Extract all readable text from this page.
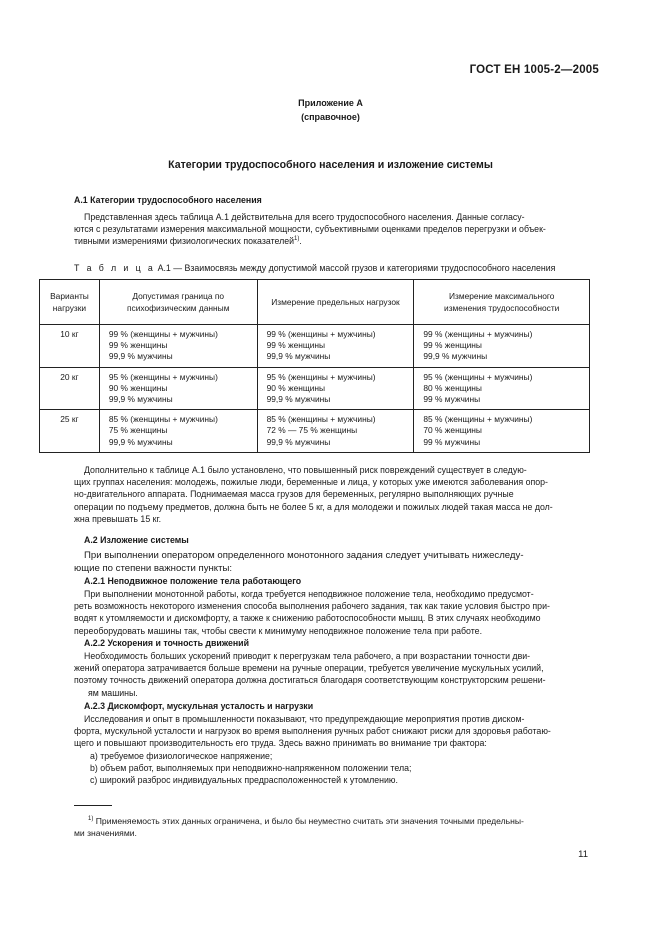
ГОСТ ЕН 1005-2—2005
Приложение А
(справочное)
Категории трудоспособного населения и изложение системы
А.1 Категории трудоспособного населения

Представленная здесь таблица А.1 действительна для всего трудоспособного населения. Данные согласу-

ются с результатами измерения максимальной мощности, субъективными оценками пределов перегрузки и объек-

тивными измерениями физиологических показателей$^{1)}$.

Т а б л и ц а А.1 — Взаимосвязь между допустимой массой грузов и категориями трудоспособного населения
Варианты
нагрузки	Допустимая граница по
психофизическим данным	Измерение предельных нагрузок	Измерение максимального
изменения трудоспособности

10 кг	99 % (женщины + мужчины)
99 % женщины
99,9 % мужчины	99 % (женщины + мужчины)
99 % женщины
99,9 % мужчины	99 % (женщины + мужчины)
99 % женщины
99,9 % мужчины

20 кг	95 % (женщины + мужчины)
90 % женщины
99,9 % мужчины	95 % (женщины + мужчины)
90 % женщины
99,9 % мужчины	95 % (женщины + мужчины)
80 % женщины
99 % мужчины

25 кг	85 % (женщины + мужчины)
75 % женщины
99,9 % мужчины	85 % (женщины + мужчины)
72 % — 75 % женщины
99,9 % мужчины	85 % (женщины + мужчины)
70 % женщины
99 % мужчины

Дополнительно к таблице А.1 было установлено, что повышенный риск повреждений существует в следую-

щих группах населения: молодежь, пожилые люди, беременные и лица, у которых уже имеются заболевания опор-

но-двигательного аппарата. Поднимаемая масса грузов для беременных, регулярно выполняющих ручные

операции по подъему предметов, должна быть не более 5 кг, а для молодежи и пожилых людей такая масса не дол-

жна превышать 15 кг.

А.2 Изложение системы

При выполнении оператором определенного монотонного задания следует учитывать нижеследу-

ющие по степени важности пункты:

А.2.1 Неподвижное положение тела работающего

При выполнении монотонной работы, когда требуется неподвижное положение тела, необходимо предусмот-

реть возможность некоторого изменения способа выполнения рабочего задания, так как такие условия быстро при-

водят к утомляемости и дискомфорту, а также к снижению работоспособности мышц. В этих случаях необходимо

переоборудовать машины так, чтобы свести к минимуму неподвижное положение тела при работе.

А.2.2 Ускорения и точность движений

Необходимость больших ускорений приводит к перегрузкам тела рабочего, а при возрастании точности дви-

жений оператора затрачивается больше времени на ручные операции, требуется увеличение мускульных усилий,

поэтому точность движений оператора должна достигаться благодаря соответствующим конструкторским решени-

ям машины.

А.2.3 Дискомфорт, мускульная усталость и нагрузки

Исследования и опыт в промышленности показывают, что предупреждающие мероприятия против диском-

форта, мускульной усталости и нагрузок во время выполнения ручных работ снижают риски для здоровья работаю-

щего и повышают производительность его труда. Здесь важно принимать во внимание три фактора:

a) требуемое физиологическое напряжение;

b) объем работ, выполняемых при неподвижно-напряженном положении тела;

c) широкий разброс индивидуальных предрасположенностей к утомлению.

$^{1)}$ Применяемость этих данных ограничена, и было бы неуместно считать эти значения точными предельны-
ми значениями.
11
